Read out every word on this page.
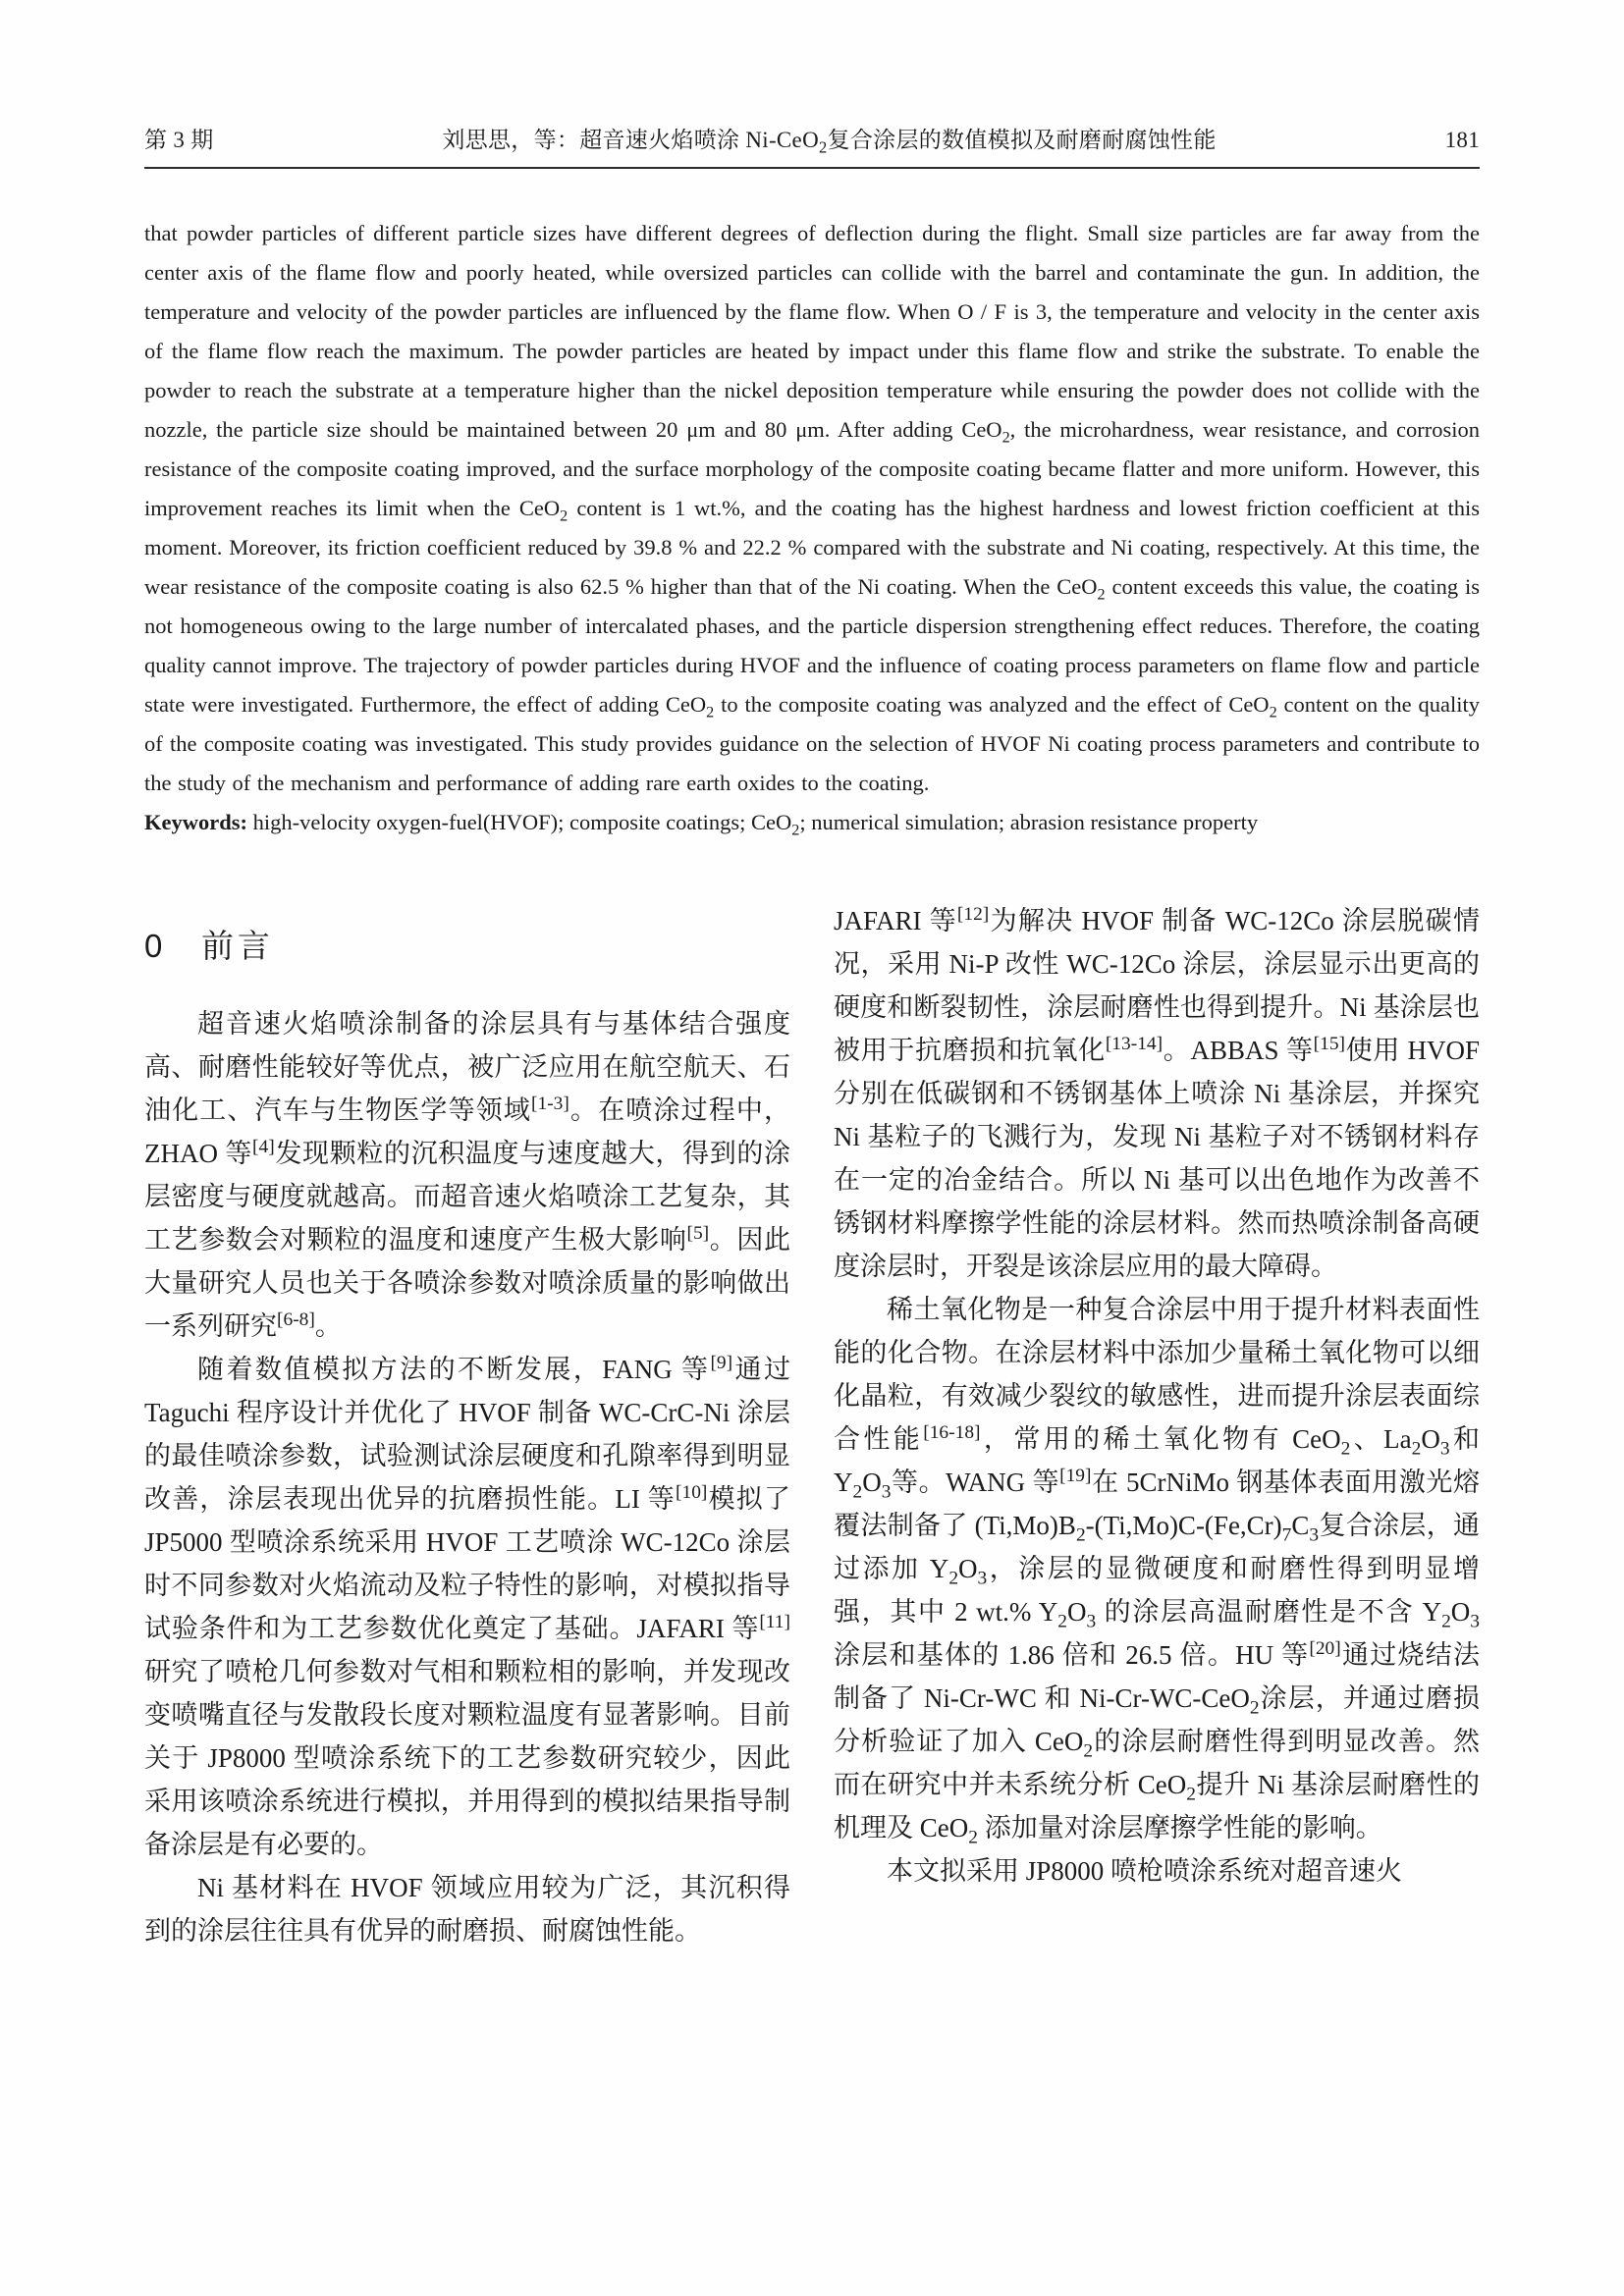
第 3 期	刘思思，等：超音速火焰喷涂 Ni-CeO$_2$复合涂层的数值模拟及耐磨耐腐蚀性能	181

that powder particles of different particle sizes have different degrees of deflection during the flight. Small size particles are far away from the center axis of the flame flow and poorly heated, while oversized particles can collide with the barrel and contaminate the gun. In addition, the temperature and velocity of the powder particles are influenced by the flame flow. When O / F is 3, the temperature and velocity in the center axis of the flame flow reach the maximum. The powder particles are heated by impact under this flame flow and strike the substrate. To enable the powder to reach the substrate at a temperature higher than the nickel deposition temperature while ensuring the powder does not collide with the nozzle, the particle size should be maintained between 20 μm and 80 μm. After adding CeO$_2$, the microhardness, wear resistance, and corrosion resistance of the composite coating improved, and the surface morphology of the composite coating became flatter and more uniform. However, this improvement reaches its limit when the CeO$_2$ content is 1 wt.%, and the coating has the highest hardness and lowest friction coefficient at this moment. Moreover, its friction coefficient reduced by 39.8 % and 22.2 % compared with the substrate and Ni coating, respectively. At this time, the wear resistance of the composite coating is also 62.5 % higher than that of the Ni coating. When the CeO$_2$ content exceeds this value, the coating is not homogeneous owing to the large number of intercalated phases, and the particle dispersion strengthening effect reduces. Therefore, the coating quality cannot improve. The trajectory of powder particles during HVOF and the influence of coating process parameters on flame flow and particle state were investigated. Furthermore, the effect of adding CeO$_2$ to the composite coating was analyzed and the effect of CeO$_2$ content on the quality of the composite coating was investigated. This study provides guidance on the selection of HVOF Ni coating process parameters and contribute to the study of the mechanism and performance of adding rare earth oxides to the coating.

Keywords: high-velocity oxygen-fuel(HVOF); composite coatings; CeO$_2$; numerical simulation; abrasion resistance property

0 前言

超音速火焰喷涂制备的涂层具有与基体结合强度高、耐磨性能较好等优点，被广泛应用在航空航天、石油化工、汽车与生物医学等领域[1-3]。在喷涂过程中，ZHAO 等[4]发现颗粒的沉积温度与速度越大，得到的涂层密度与硬度就越高。而超音速火焰喷涂工艺复杂，其工艺参数会对颗粒的温度和速度产生极大影响[5]。因此大量研究人员也关于各喷涂参数对喷涂质量的影响做出一系列研究[6-8]。

随着数值模拟方法的不断发展，FANG 等[9]通过 Taguchi 程序设计并优化了 HVOF 制备 WC-CrC-Ni 涂层的最佳喷涂参数，试验测试涂层硬度和孔隙率得到明显改善，涂层表现出优异的抗磨损性能。LI 等[10]模拟了 JP5000 型喷涂系统采用 HVOF 工艺喷涂 WC-12Co 涂层时不同参数对火焰流动及粒子特性的影响，对模拟指导试验条件和为工艺参数优化奠定了基础。JAFARI 等[11]研究了喷枪几何参数对气相和颗粒相的影响，并发现改变喷嘴直径与发散段长度对颗粒温度有显著影响。目前关于 JP8000 型喷涂系统下的工艺参数研究较少，因此采用该喷涂系统进行模拟，并用得到的模拟结果指导制备涂层是有必要的。

Ni 基材料在 HVOF 领域应用较为广泛，其沉积得到的涂层往往具有优异的耐磨损、耐腐蚀性能。

JAFARI 等[12]为解决 HVOF 制备 WC-12Co 涂层脱碳情况，采用 Ni-P 改性 WC-12Co 涂层，涂层显示出更高的硬度和断裂韧性，涂层耐磨性也得到提升。Ni 基涂层也被用于抗磨损和抗氧化[13-14]。ABBAS 等[15]使用 HVOF 分别在低碳钢和不锈钢基体上喷涂 Ni 基涂层，并探究 Ni 基粒子的飞溅行为，发现 Ni 基粒子对不锈钢材料存在一定的冶金结合。所以 Ni 基可以出色地作为改善不锈钢材料摩擦学性能的涂层材料。然而热喷涂制备高硬度涂层时，开裂是该涂层应用的最大障碍。

稀土氧化物是一种复合涂层中用于提升材料表面性能的化合物。在涂层材料中添加少量稀土氧化物可以细化晶粒，有效减少裂纹的敏感性，进而提升涂层表面综合性能[16-18]，常用的稀土氧化物有 CeO$_2$、$La_2O_3$和 $Y_2O_3$等。WANG 等[19]在 5CrNiMo 钢基体表面用激光熔覆法制备了 $(Ti,Mo)B_2-(Ti,Mo)C-(Fe,Cr)_7C_3$复合涂层，通过添加 $Y_2O_3$，涂层的显微硬度和耐磨性得到明显增强，其中 2 wt.% $Y_2O_3$ 的涂层高温耐磨性是不含 $Y_2O_3$ 涂层和基体的 1.86 倍和 26.5 倍。HU 等[20]通过烧结法制备了 Ni-Cr-WC 和 Ni-Cr-WC-CeO$_2$涂层，并通过磨损分析验证了加入 CeO$_2$的涂层耐磨性得到明显改善。然而在研究中并未系统分析 CeO$_2$提升 Ni 基涂层耐磨性的机理及 CeO$_2$ 添加量对涂层摩擦学性能的影响。

本文拟采用 JP8000 喷枪喷涂系统对超音速火
